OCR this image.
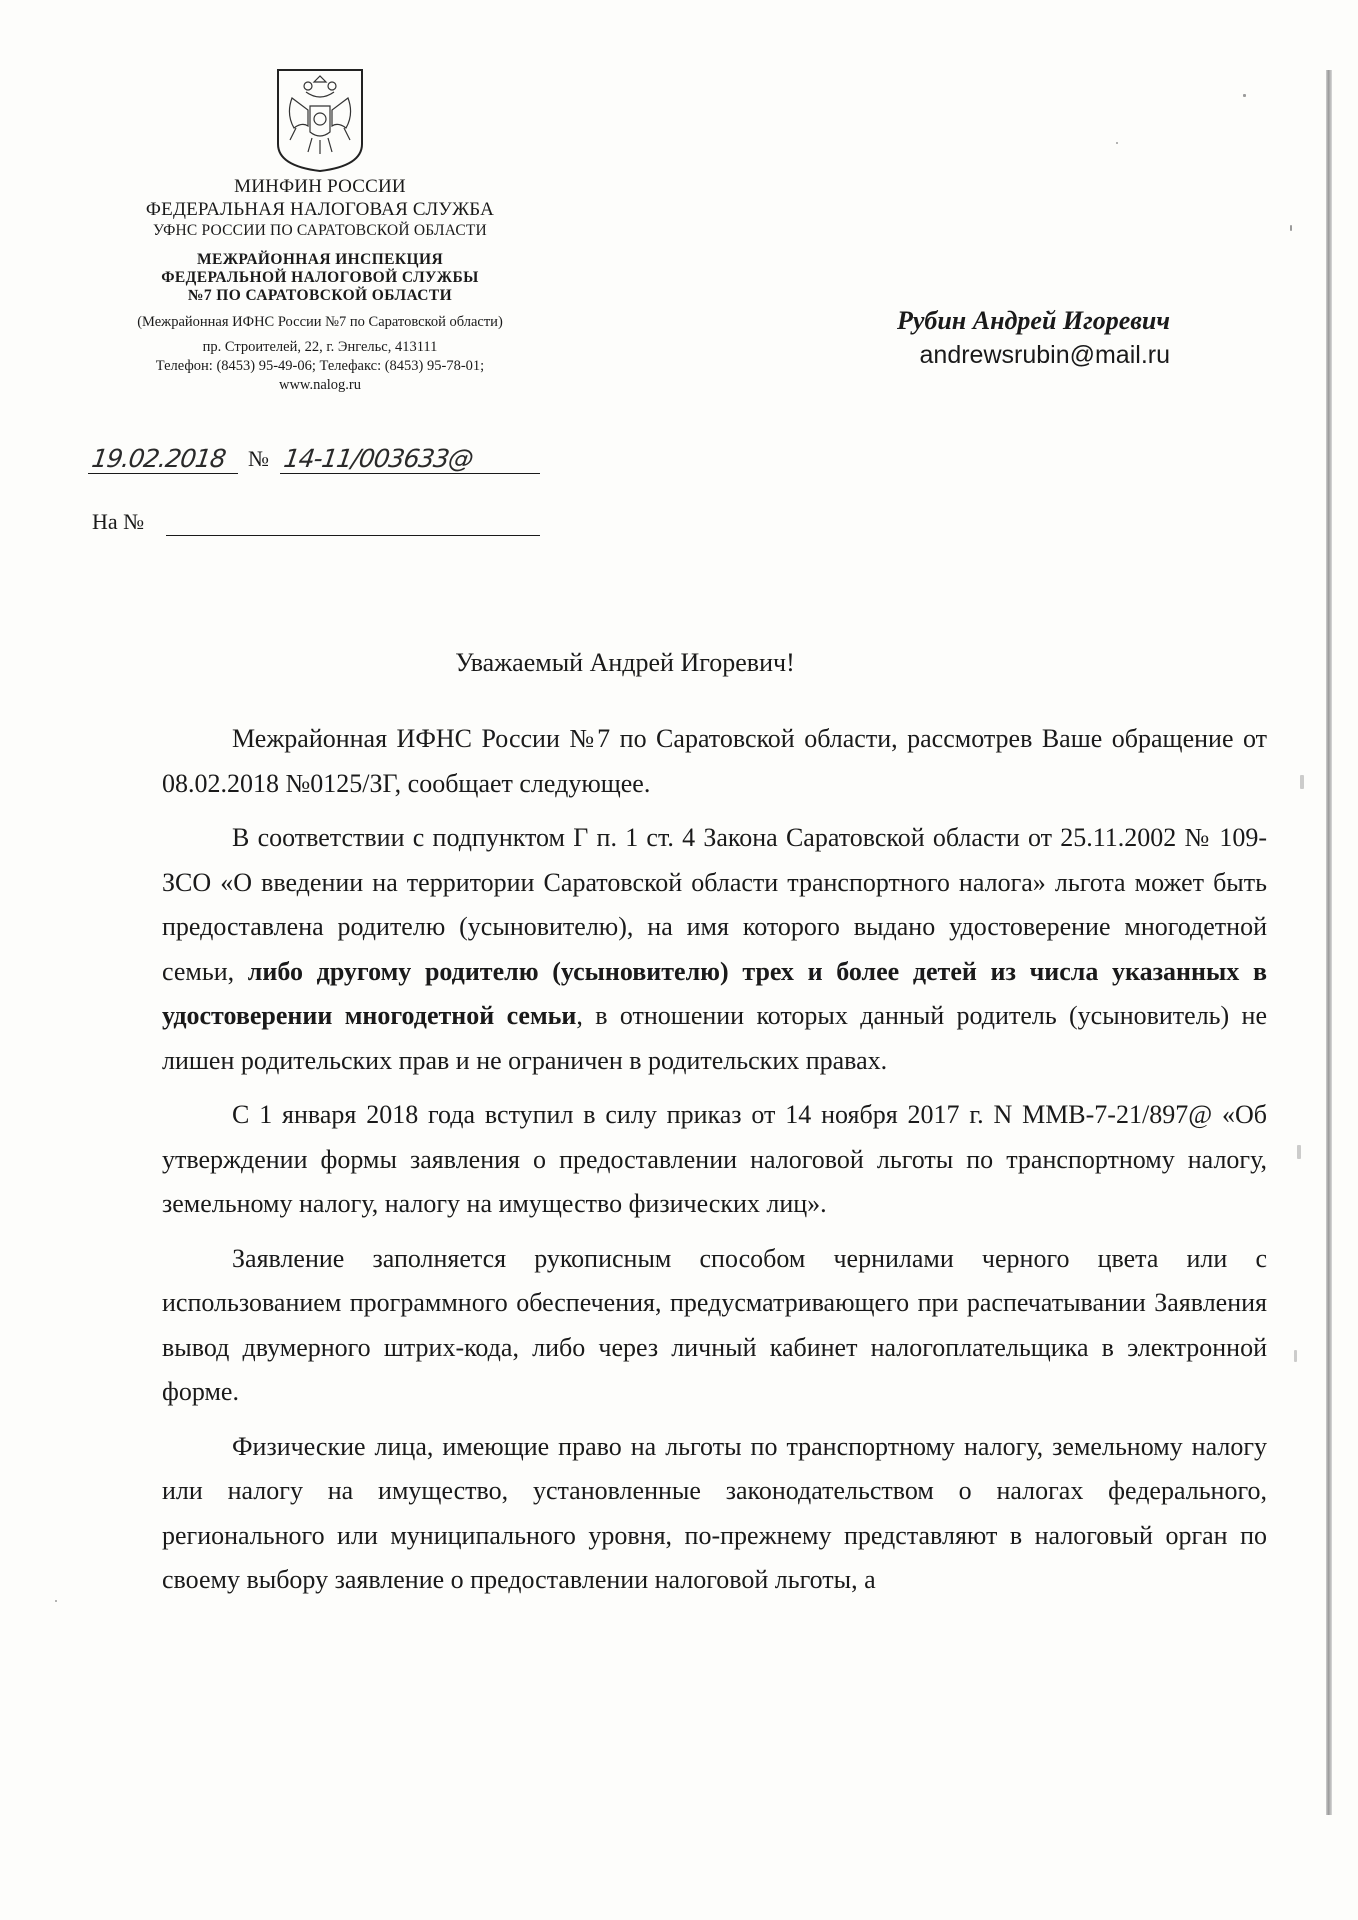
МИНФИН РОССИИ
ФЕДЕРАЛЬНАЯ НАЛОГОВАЯ СЛУЖБА
УФНС РОССИИ ПО САРАТОВСКОЙ ОБЛАСТИ
МЕЖРАЙОННАЯ ИНСПЕКЦИЯ
ФЕДЕРАЛЬНОЙ НАЛОГОВОЙ СЛУЖБЫ
№7 ПО САРАТОВСКОЙ ОБЛАСТИ
(Межрайонная ИФНС России №7 по Саратовской области)
пр. Строителей, 22, г. Энгельс, 413111
Телефон: (8453) 95-49-06; Телефакс: (8453) 95-78-01;
www.nalog.ru
19.02.2018 № 14-11/003633@
На №
Рубин Андрей Игоревич
andrewsrubin@mail.ru
Уважаемый Андрей Игоревич!

Межрайонная ИФНС России №7 по Саратовской области, рассмотрев Ваше обращение от 08.02.2018 №0125/ЗГ, сообщает следующее.

В соответствии с подпунктом Г п. 1 ст. 4 Закона Саратовской области от 25.11.2002 № 109-ЗСО «О введении на территории Саратовской области транспортного налога» льгота может быть предоставлена родителю (усыновителю), на имя которого выдано удостоверение многодетной семьи, либо другому родителю (усыновителю) трех и более детей из числа указанных в удостоверении многодетной семьи, в отношении которых данный родитель (усыновитель) не лишен родительских прав и не ограничен в родительских правах.

С 1 января 2018 года вступил в силу приказ от 14 ноября 2017 г. N ММВ-7-21/897@ «Об утверждении формы заявления о предоставлении налоговой льготы по транспортному налогу, земельному налогу, налогу на имущество физических лиц».

Заявление заполняется рукописным способом чернилами черного цвета или с использованием программного обеспечения, предусматривающего при распечатывании Заявления вывод двумерного штрих-кода, либо через личный кабинет налогоплательщика в электронной форме.

Физические лица, имеющие право на льготы по транспортному налогу, земельному налогу или налогу на имущество, установленные законодательством о налогах федерального, регионального или муниципального уровня, по-прежнему представляют в налоговый орган по своему выбору заявление о предоставлении налоговой льготы, а
